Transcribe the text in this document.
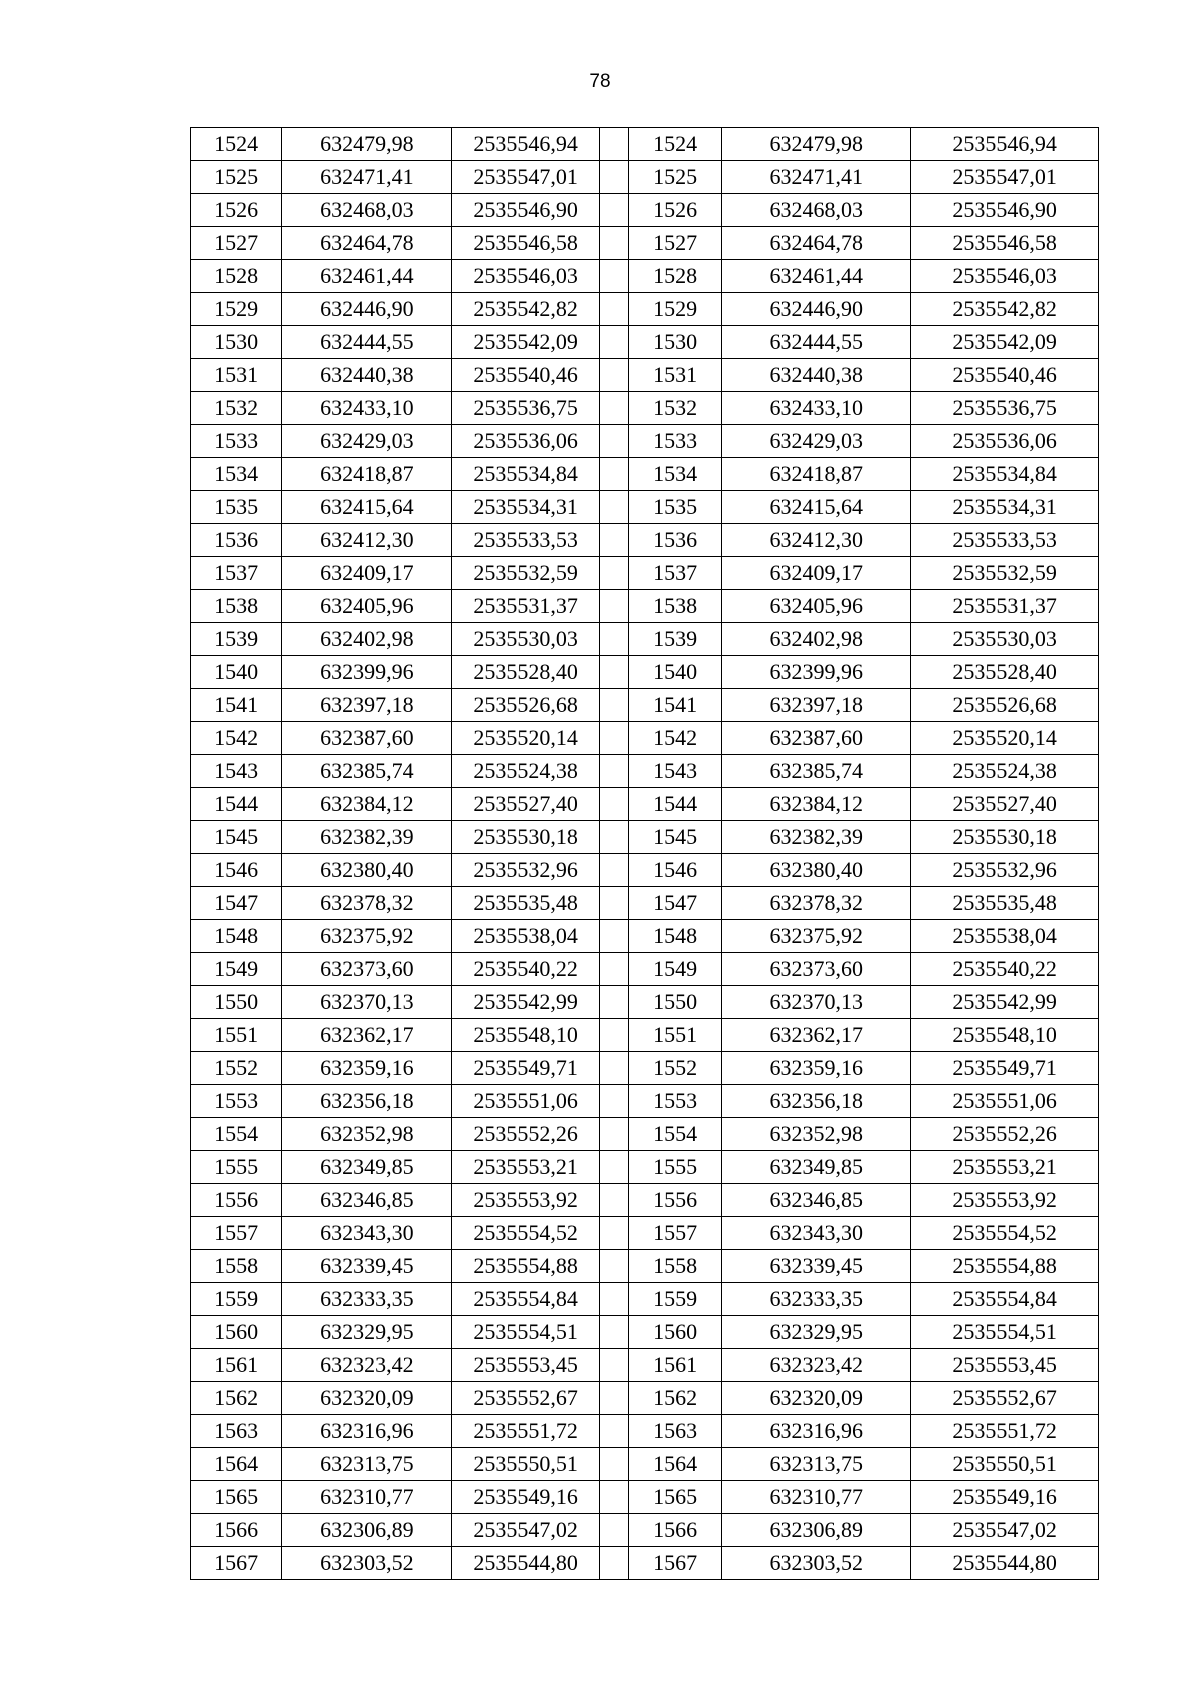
78
1524	632479,98	2535546,94		1524	632479,98	2535546,94
1525	632471,41	2535547,01		1525	632471,41	2535547,01
1526	632468,03	2535546,90		1526	632468,03	2535546,90
1527	632464,78	2535546,58		1527	632464,78	2535546,58
1528	632461,44	2535546,03		1528	632461,44	2535546,03
1529	632446,90	2535542,82		1529	632446,90	2535542,82
1530	632444,55	2535542,09		1530	632444,55	2535542,09
1531	632440,38	2535540,46		1531	632440,38	2535540,46
1532	632433,10	2535536,75		1532	632433,10	2535536,75
1533	632429,03	2535536,06		1533	632429,03	2535536,06
1534	632418,87	2535534,84		1534	632418,87	2535534,84
1535	632415,64	2535534,31		1535	632415,64	2535534,31
1536	632412,30	2535533,53		1536	632412,30	2535533,53
1537	632409,17	2535532,59		1537	632409,17	2535532,59
1538	632405,96	2535531,37		1538	632405,96	2535531,37
1539	632402,98	2535530,03		1539	632402,98	2535530,03
1540	632399,96	2535528,40		1540	632399,96	2535528,40
1541	632397,18	2535526,68		1541	632397,18	2535526,68
1542	632387,60	2535520,14		1542	632387,60	2535520,14
1543	632385,74	2535524,38		1543	632385,74	2535524,38
1544	632384,12	2535527,40		1544	632384,12	2535527,40
1545	632382,39	2535530,18		1545	632382,39	2535530,18
1546	632380,40	2535532,96		1546	632380,40	2535532,96
1547	632378,32	2535535,48		1547	632378,32	2535535,48
1548	632375,92	2535538,04		1548	632375,92	2535538,04
1549	632373,60	2535540,22		1549	632373,60	2535540,22
1550	632370,13	2535542,99		1550	632370,13	2535542,99
1551	632362,17	2535548,10		1551	632362,17	2535548,10
1552	632359,16	2535549,71		1552	632359,16	2535549,71
1553	632356,18	2535551,06		1553	632356,18	2535551,06
1554	632352,98	2535552,26		1554	632352,98	2535552,26
1555	632349,85	2535553,21		1555	632349,85	2535553,21
1556	632346,85	2535553,92		1556	632346,85	2535553,92
1557	632343,30	2535554,52		1557	632343,30	2535554,52
1558	632339,45	2535554,88		1558	632339,45	2535554,88
1559	632333,35	2535554,84		1559	632333,35	2535554,84
1560	632329,95	2535554,51		1560	632329,95	2535554,51
1561	632323,42	2535553,45		1561	632323,42	2535553,45
1562	632320,09	2535552,67		1562	632320,09	2535552,67
1563	632316,96	2535551,72		1563	632316,96	2535551,72
1564	632313,75	2535550,51		1564	632313,75	2535550,51
1565	632310,77	2535549,16		1565	632310,77	2535549,16
1566	632306,89	2535547,02		1566	632306,89	2535547,02
1567	632303,52	2535544,80		1567	632303,52	2535544,80
